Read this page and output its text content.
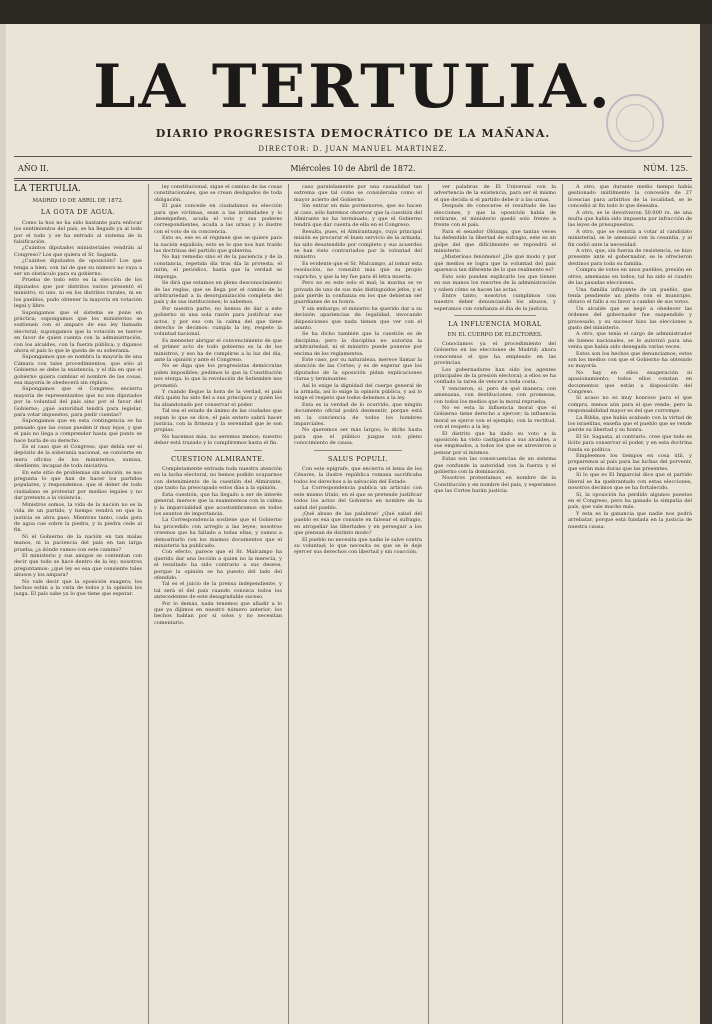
LA TERTULIA.
DIARIO PROGRESISTA DEMOCRÁTICO DE LA MAÑANA.
DIRECTOR: D. JUAN MANUEL MARTINEZ.
AÑO II.	Miércoles 10 de Abril de 1872.	NÚM. 125.

LA TERTULIA.

MADRID 10 DE ABRIL DE 1872.

LA GOTA DE AGUA.

Como la hoz no ha sido bastante para enfocar los sentimientos del país, se ha llegado ya al todo por el todo y se ha entrado al sistema de la falsificación.

¿Cuántos diputados ministeriales vendrán al Congreso? Los que quiera el Sr. Sagasta.

¿Cuántos diputados de oposición? Los que tenga a bien, con tal de que su número no vaya a ser un obstáculo para su gobierno.

Prueba de todo esto es la elección de los diputados que por distritos varios presentó el ministro; ni uno, ni en los distritos rurales, ni en los pueblos, pudo obtener la mayoría en votación legal y libre.

Supongamos que el sistema se pone en práctica; supongamos que los ministerios se sostienen con el amparo de esa ley llamada electoral; supongamos que la votación se tuerce en favor de quien cuenta con la administración, con los alcaldes, con la fuerza pública; y diganos ahora el país lo que le queda de su soberanía.

Supongamos que se nombra la mayoría de una Cámara con tales procedimientos, que sólo al Gobierno se debe la existencia, y el día en que el gobierno quiera cambiar el nombre de las cosas, esa mayoría le obedecerá sin réplica.

Supongamos que el Congreso encierra mayoría de representantes que no son diputados por la voluntad del país sino por el favor del Gobierno; ¿qué autoridad tendrá para legislar, para votar impuestos, para pedir cuentas?

Supongamos que en esta contingencia se ha pensado que las cosas pueden ir muy lejos, y que el país no llega a comprender hasta qué punto se hace burla de su derecho.

Es el caso que el Congreso, que debía ser el depósito de la soberanía nacional, se convierte en mera oficina de los ministerios, sumisa, obediente, incapaz de toda iniciativa.

En este sitio de problemas sin solución, se nos pregunta lo que han de hacer los partidos populares, y respondemos: que el deber de todo ciudadano es protestar por medios legales y no dar pretexto a la violencia.

Ministros somos, la vida de la nación no es la vida de un partido, y tiempo vendrá en que la justicia se abra paso. Mientras tanto, cada gota de agua cae sobre la piedra, y la piedra cede al fin.

Ni el Gobierno de la nación en tan malas manos, ni la paciencia del país en tan larga prueba; ¿a dónde vamos con este camino?

El ministerio y sus amigos se contentan con decir que todo se hace dentro de la ley; nosotros preguntamos: ¿qué ley es esa que consiente tales abusos y los ampara?

No vale decir que la oposición exagera; los hechos están a la vista de todos y la opinión los juzga. El país sabe ya lo que tiene que esperar.

ley constitucional, sigue el camino de las cosas constitucionales, que se crean desligados de toda obligación.

El pais concede en ciudadanos su elección para que víctimas, sean a las intimidades y lo desempeñen, acuda el voto y sus poderes correspondientes, acuda a las urnas y lo ilustre con el voto de su conciencia.

Esto es, ese es el régimen que se quiere para la nación española; esto es lo que nos han traído las doctrinas del partido que gobierna.

No hay remedio sino el de la paciencia y de la constancia, repetida día tras día la protesta, el mitin, el periódico, hasta que la verdad se imponga.

Se dirá que estamos en pleno desconocimiento de las reglas, que se llega por el camino de la arbitrariedad a la desorganización completa del país y de sus instituciones; lo sabemos.

Por nuestra parte, no hemos de dar a este gobierno ni una sola razón para justificar sus actos, y por eso con la calma del que tiene derecho le decimos: cumpla la ley, respete la voluntad nacional.

Es menester abrigar el convencimiento de que el primer acto de todo gobierno es la de los ministros, y eso ha de cumplirse a la luz del día, ante la opinión y ante el Congreso.

No se diga que los progresistas demócratas piden imposibles; pedimos lo que la Constitución nos otorga, lo que la revolución de Setiembre nos prometió.

Y cuando llegue la hora de la verdad, el país dirá quién ha sido fiel a sus principios y quién los ha abandonado por conservar el poder.

Tal sea el estado de ánimo de las ciudades que sepan lo que se dice, el país entero sabrá hacer justicia, con la firmeza y la serenidad que le son propias.

No hacemos más, no seremos menos; nuestro deber está trazado y lo cumpliremos hasta el fin.

CUESTION ALMIRANTE.

Completamente entrada toda nuestra atención en la lucha electoral, no hemos podido ocuparnos con detenimiento de la cuestión del Almirante, que tanto ha preocupado estos días a la opinión.

Esta cuestión, que ha llegado a ser de interés general, merece que la examinemos con la calma y la imparcialidad que acostumbramos en todos los asuntos de importancia.

La Correspondencia sostiene que el Gobierno ha procedido con arreglo a las leyes; nosotros creemos que ha faltado a todas ellas, y vamos a demostrarlo con los mismos documentos que el ministerio ha publicado.

Con efecto, parece que el Sr. Malcampo ha querido dar una lección a quien no la merecía, y el resultado ha sido contrario a sus deseos, porque la opinión se ha puesto del lado del ofendido.

Tal es el juicio de la prensa independiente, y tal será el del país cuando conozca todos los antecedentes de este desagradable suceso.

Por lo demás, nada tenemos que añadir a lo que ya dijimos en nuestro número anterior; los hechos hablan por sí solos y no necesitan comentario.

caso paralelamente por una casualidad tan extrema que tal como se consideraba como el mayor acierto del Gobierno.

Sin entrar en más pormenores, que no hacen al caso, sólo haremos observar que la cuestión del Almirante no ha terminado, y que el Gobierno tendrá que dar cuenta de ella en el Congreso.

Resulta, pues, el Almirantazgo, cuya principal misión es procurar el buen servicio de la armada, ha sido desatendido por completo y sus acuerdos se han visto contrariados por la voluntad del ministro.

Es evidente que el Sr. Malcampo, al tomar esta resolución, no consultó más que su propio capricho, y que la ley fue para él letra muerta.

Pero no es este solo el mal; la marina se ve privada de uno de sus más distinguidos jefes, y el país pierde la confianza en los que debieran ser guardianes de su honra.

Y sin embargo, el ministro ha querido dar a su decisión apariencias de legalidad, invocando disposiciones que nada tienen que ver con el asunto.

Se ha dicho también que la cuestión es de disciplina; pero la disciplina no autoriza la arbitrariedad, ni el ministro puede ponerse por encima de los reglamentos.

Este caso, por su naturaleza, merece llamar la atención de las Cortes; y es de esperar que los diputados de la oposición pidan explicaciones claras y terminantes.

Así lo exige la dignidad del cuerpo general de la armada, así lo exige la opinión pública, y así lo exige el respeto que todos debemos a la ley.

Esta es la verdad de lo ocurrido, que ningún documento oficial podrá desmentir, porque está en la conciencia de todos los hombres imparciales.

No queremos ser más largos; lo dicho basta para que el público juzgue con pleno conocimiento de causa.

SALUS POPULI.

Con este epígrafe, que encierra el lema de los Césares, la ilustre república romana sacrificaba todos los derechos a la salvación del Estado.

La Correspondencia publica un artículo con este mismo título, en el que se pretende justificar todos los actos del Gobierno en nombre de la salud del pueblo.

¡Qué abuso de las palabras! ¿Qué salud del pueblo es esa que consiste en falsear el sufragio, en atropellar las libertades y en perseguir a los que piensan de distinto modo?

El pueblo no necesita que nadie le salve contra su voluntad; lo que necesita es que se le deje ejercer sus derechos con libertad y sin coacción.

ver palabras de El Universal con la advertencia de la existencia, para ser él mismo el que decida si el partido debe ir a las urnas.

Después de conocerse el resultado de las elecciones, y que la oposición había de retirarse, el ministerio quedó solo frente a frente con el país.

Para el senador Olózaga, que tantas veces ha defendido la libertad de sufragio, este es un golpe del que difícilmente se repondrá el ministerio.

¿Misterioso fenómeno! ¿De qué modo y por qué medios se logra que la voluntad del país aparezca tan diferente de lo que realmente es?

Esto solo pueden explicarlo los que tienen en sus manos los resortes de la administración y saben cómo se hacen las actas.

Entre tanto, nosotros cumplimos con nuestro deber denunciando los abusos, y esperamos con confianza el día de la justicia.

LA INFLUENCIA MORAL

EN EL CUERPO DE ELECTORES.

Conocíamos ya el procedimiento del Gobierno en las elecciones de Madrid; ahora conocemos el que ha empleado en las provincias.

Los gobernadores han sido los agentes principales de la presión electoral; a ellos se ha confiado la tarea de vencer a toda costa.

Y vencieron, sí, pero de qué manera; con amenazas, con destituciones, con promesas, con todos los medios que la moral reprueba.

No es esta la influencia moral que el Gobierno tiene derecho a ejercer; la influencia moral se ejerce con el ejemplo, con la rectitud, con el respeto a la ley.

El distrito que ha dado su voto a la oposición ha visto castigados a sus alcaldes, a sus empleados, a todos los que se atrevieron a pensar por sí mismos.

Estas son las consecuencias de un sistema que confunde la autoridad con la fuerza y el gobierno con la dominación.

Nosotros protestamos en nombre de la Constitución y en nombre del país, y esperamos que las Cortes harán justicia.

A otro, que durante medio tiempo había gestionado inútilmente la concesión de 27 licencias para arbitrios de la localidad, se le concedió al fin todo lo que deseaba.

A otro, se le devolvieron 50.000 rs. de una multa que había sido impuesta por infracción de las leyes de presupuestos.

A otro, que se resistía a votar al candidato ministerial, se le amenazó con la cesantía, y al fin cedió ante la necesidad.

A otro, que, sin fuerza de resistencia, se hizo presente ante el gobernador, se le ofrecieron destinos para toda su familia.

Compra de votos en unos pueblos, presión en otros, amenazas en todos; tal ha sido el cuadro de las pasadas elecciones.

Una familia influyente de un pueblo, que tenía pendiente un pleito con el municipio, obtuvo el fallo a su favor a cambio de sus votos.

Un alcalde que se negó a obedecer las órdenes del gobernador fue suspendido y procesado, y su sucesor hizo las elecciones a gusto del ministerio.

A otro, que tenía el cargo de administrador de bienes nacionales, se le autorizó para una venta que había sido denegada varias veces.

Estos son los hechos que denunciamos; estos son los medios con que el Gobierno ha obtenido su mayoría.

No hay en ellos exageración ni apasionamiento; todos ellos constan en documentos que están a disposición del Congreso.

Si acaso no es muy honroso para el que compra, menos aún para el que vende; pero la responsabilidad mayor es del que corrompe.

La Biblia, que había acabado con la virtud de los israelitas, enseña que el pueblo que se vende pierde su libertad y su honra.

El Sr. Sagasta, al contrario, cree que todo es lícito para conservar el poder, y en esta doctrina funda su política.

Empleemos los tiempos en cosa útil, y preparemos al país para las luchas del porvenir, que serán más duras que las presentes.

Si lo que es El Imparcial dice que el partido liberal se ha quebrantado con estas elecciones, nosotros decimos que se ha fortalecido.

Sí, la oposición ha perdido algunos puestos en el Congreso, pero ha ganado la simpatía del país, que vale mucho más.

Y esta es la ganancia que nadie nos podrá arrebatar, porque está fundada en la justicia de nuestra causa.
